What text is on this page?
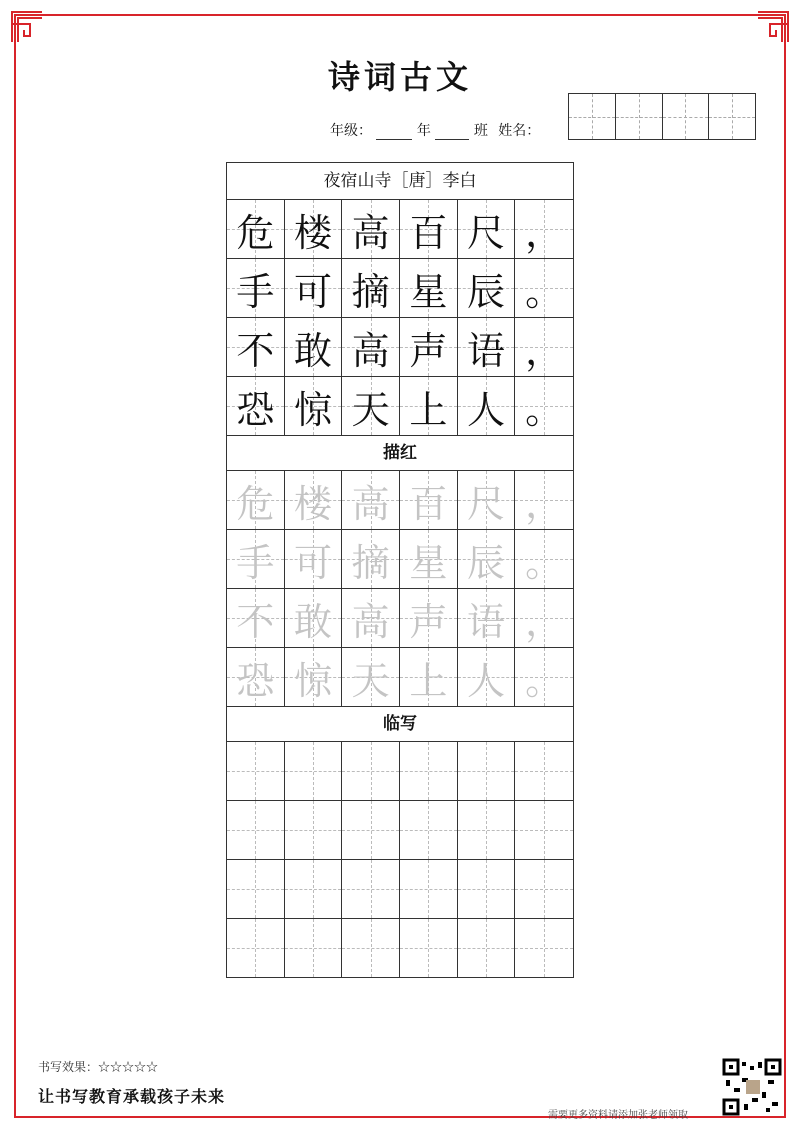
诗词古文
年级：	年	班 姓名：
夜宿山寺［唐］李白
危 楼 高 百 尺 ，
手 可 摘 星 辰 。
不 敢 高 声 语 ，
恐 惊 天 上 人 。
描红
危 楼 高 百 尺 ，
手 可 摘 星 辰 。
不 敢 高 声 语 ，
恐 惊 天 上 人 。
临写
书写效果：☆☆☆☆☆
让书写教育承载孩子未来
需要更多资料请添加张老师领取
